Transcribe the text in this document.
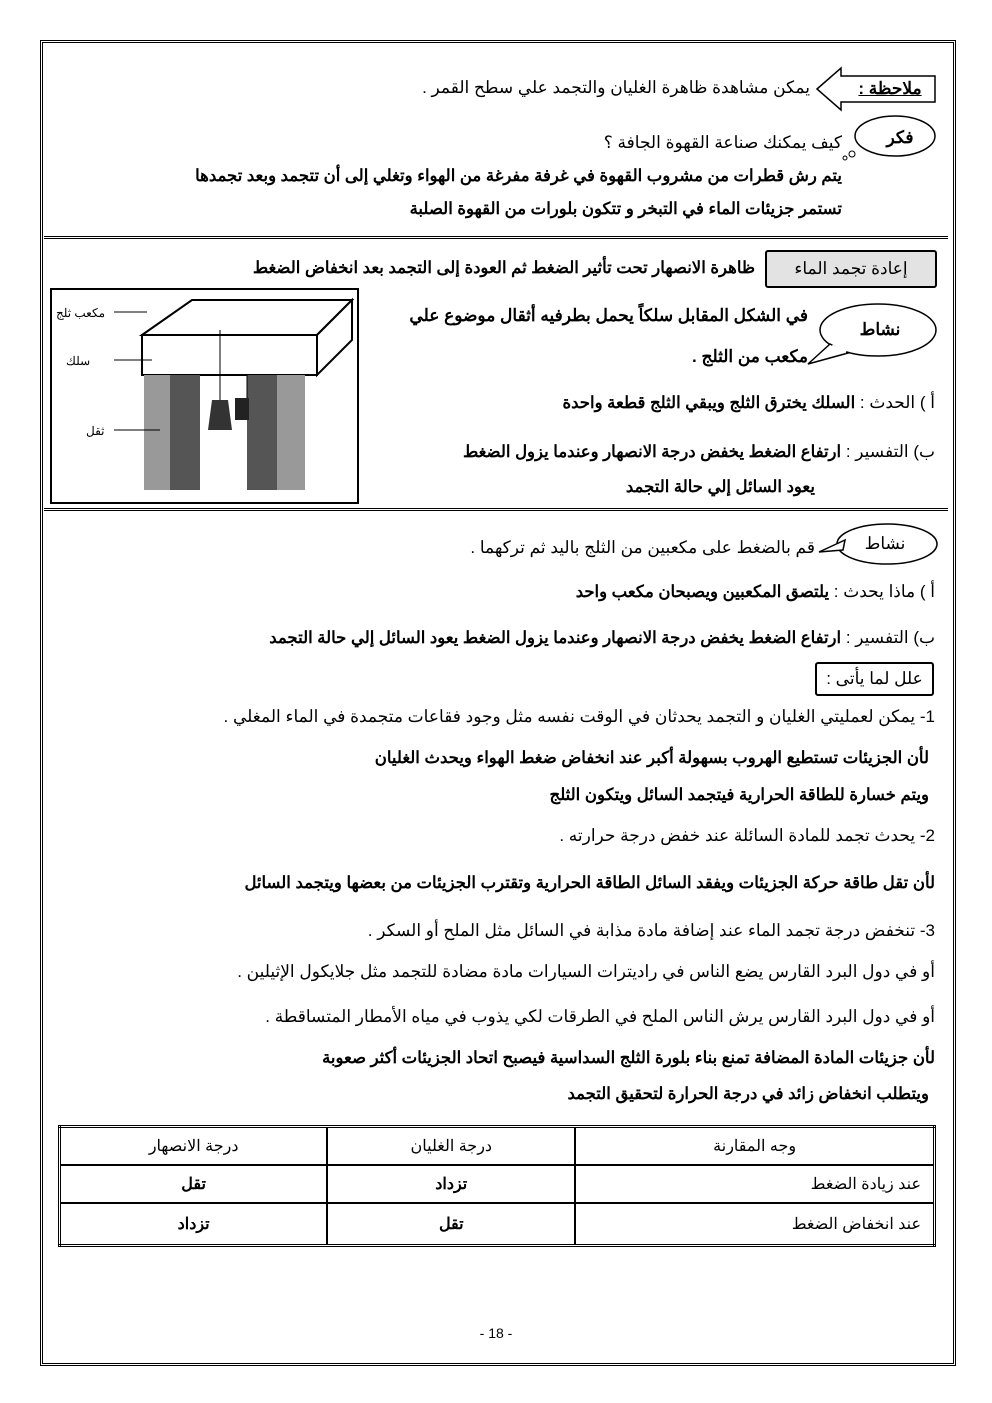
ملاحظة :
يمكن مشاهدة ظاهرة الغليان والتجمد علي سطح القمر .
فكر
كيف يمكنك صناعة القهوة الجافة ؟
يتم رش قطرات من مشروب القهوة في غرفة مفرغة من الهواء وتغلي إلى أن تتجمد وبعد تجمدها
تستمر جزيئات الماء في التبخر و تتكون بلورات من القهوة الصلبة
إعادة تجمد الماء
ظاهرة الانصهار تحت تأثير الضغط ثم العودة إلى التجمد بعد انخفاض الضغط
مكعب ثلج
سلك
ثقل
نشاط
في الشكل المقابل سلكاً يحمل بطرفيه أثقال موضوع علي
مكعب من الثلج .
أ ) الحدث : السلك يخترق الثلج ويبقي الثلج قطعة واحدة
ب) التفسير : ارتفاع الضغط يخفض درجة الانصهار وعندما يزول الضغط
يعود السائل إلي حالة التجمد
نشاط
قم بالضغط على مكعبين من الثلج باليد ثم تركهما .
أ ) ماذا يحدث : يلتصق المكعبين ويصبحان مكعب واحد
ب) التفسير : ارتفاع الضغط يخفض درجة الانصهار وعندما يزول الضغط يعود السائل إلي حالة التجمد
علل لما يأتى :
1- يمكن لعمليتي الغليان و التجمد يحدثان في الوقت نفسه مثل وجود فقاعات متجمدة في الماء المغلي .
لأن الجزيئات تستطيع الهروب بسهولة أكبر عند انخفاض ضغط الهواء ويحدث الغليان
ويتم خسارة للطاقة الحرارية فيتجمد السائل ويتكون الثلج
2- يحدث تجمد للمادة السائلة عند خفض درجة حرارته .
لأن تقل طاقة حركة الجزيئات ويفقد السائل الطاقة الحرارية وتقترب الجزيئات من بعضها ويتجمد السائل
3- تنخفض درجة تجمد الماء عند إضافة مادة مذابة في السائل مثل الملح أو السكر .
أو في دول البرد القارس يضع الناس في راديترات السيارات مادة مضادة للتجمد مثل جلايكول الإثيلين .
أو في دول البرد القارس يرش الناس الملح في الطرقات لكي يذوب في مياه الأمطار المتساقطة .
لأن جزيئات المادة المضافة تمنع بناء بلورة الثلج السداسية فيصبح اتحاد الجزيئات أكثر صعوبة
ويتطلب انخفاض زائد في درجة الحرارة لتحقيق التجمد
وجه المقارنة	درجة الغليان	درجة الانصهار
عند زيادة الضغط	تزداد	تقل
عند انخفاض الضغط	تقل	تزداد
- 18 -
